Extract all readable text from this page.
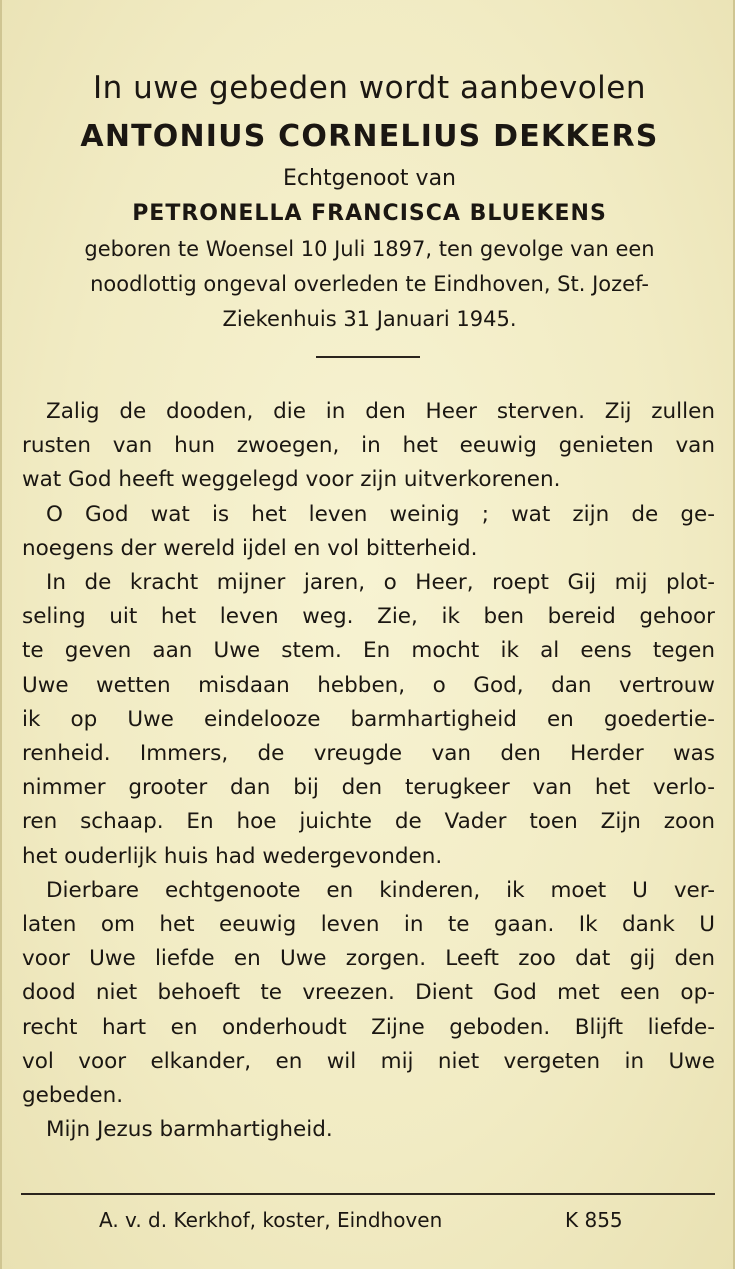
In uwe gebeden wordt aanbevolen
ANTONIUS CORNELIUS DEKKERS
Echtgenoot van
PETRONELLA FRANCISCA BLUEKENS
geboren te Woensel 10 Juli 1897, ten gevolge van een
noodlottig ongeval overleden te Eindhoven, St. Jozef-
Ziekenhuis 31 Januari 1945.
Zalig de dooden, die in den Heer sterven. Zij zullen
rusten van hun zwoegen, in het eeuwig genieten van
wat God heeft weggelegd voor zijn uitverkorenen.
O God wat is het leven weinig ; wat zijn de ge-
noegens der wereld ijdel en vol bitterheid.
In de kracht mijner jaren, o Heer, roept Gij mij plot-
seling uit het leven weg. Zie, ik ben bereid gehoor
te geven aan Uwe stem. En mocht ik al eens tegen
Uwe wetten misdaan hebben, o God, dan vertrouw
ik op Uwe eindelooze barmhartigheid en goedertie-
renheid. Immers, de vreugde van den Herder was
nimmer grooter dan bij den terugkeer van het verlo-
ren schaap. En hoe juichte de Vader toen Zijn zoon
het ouderlijk huis had wedergevonden.
Dierbare echtgenoote en kinderen, ik moet U ver-
laten om het eeuwig leven in te gaan. Ik dank U
voor Uwe liefde en Uwe zorgen. Leeft zoo dat gij den
dood niet behoeft te vreezen. Dient God met een op-
recht hart en onderhoudt Zijne geboden. Blijft liefde-
vol voor elkander, en wil mij niet vergeten in Uwe
gebeden.
Mijn Jezus barmhartigheid.
A. v. d. Kerkhof, koster, Eindhoven	K 855
